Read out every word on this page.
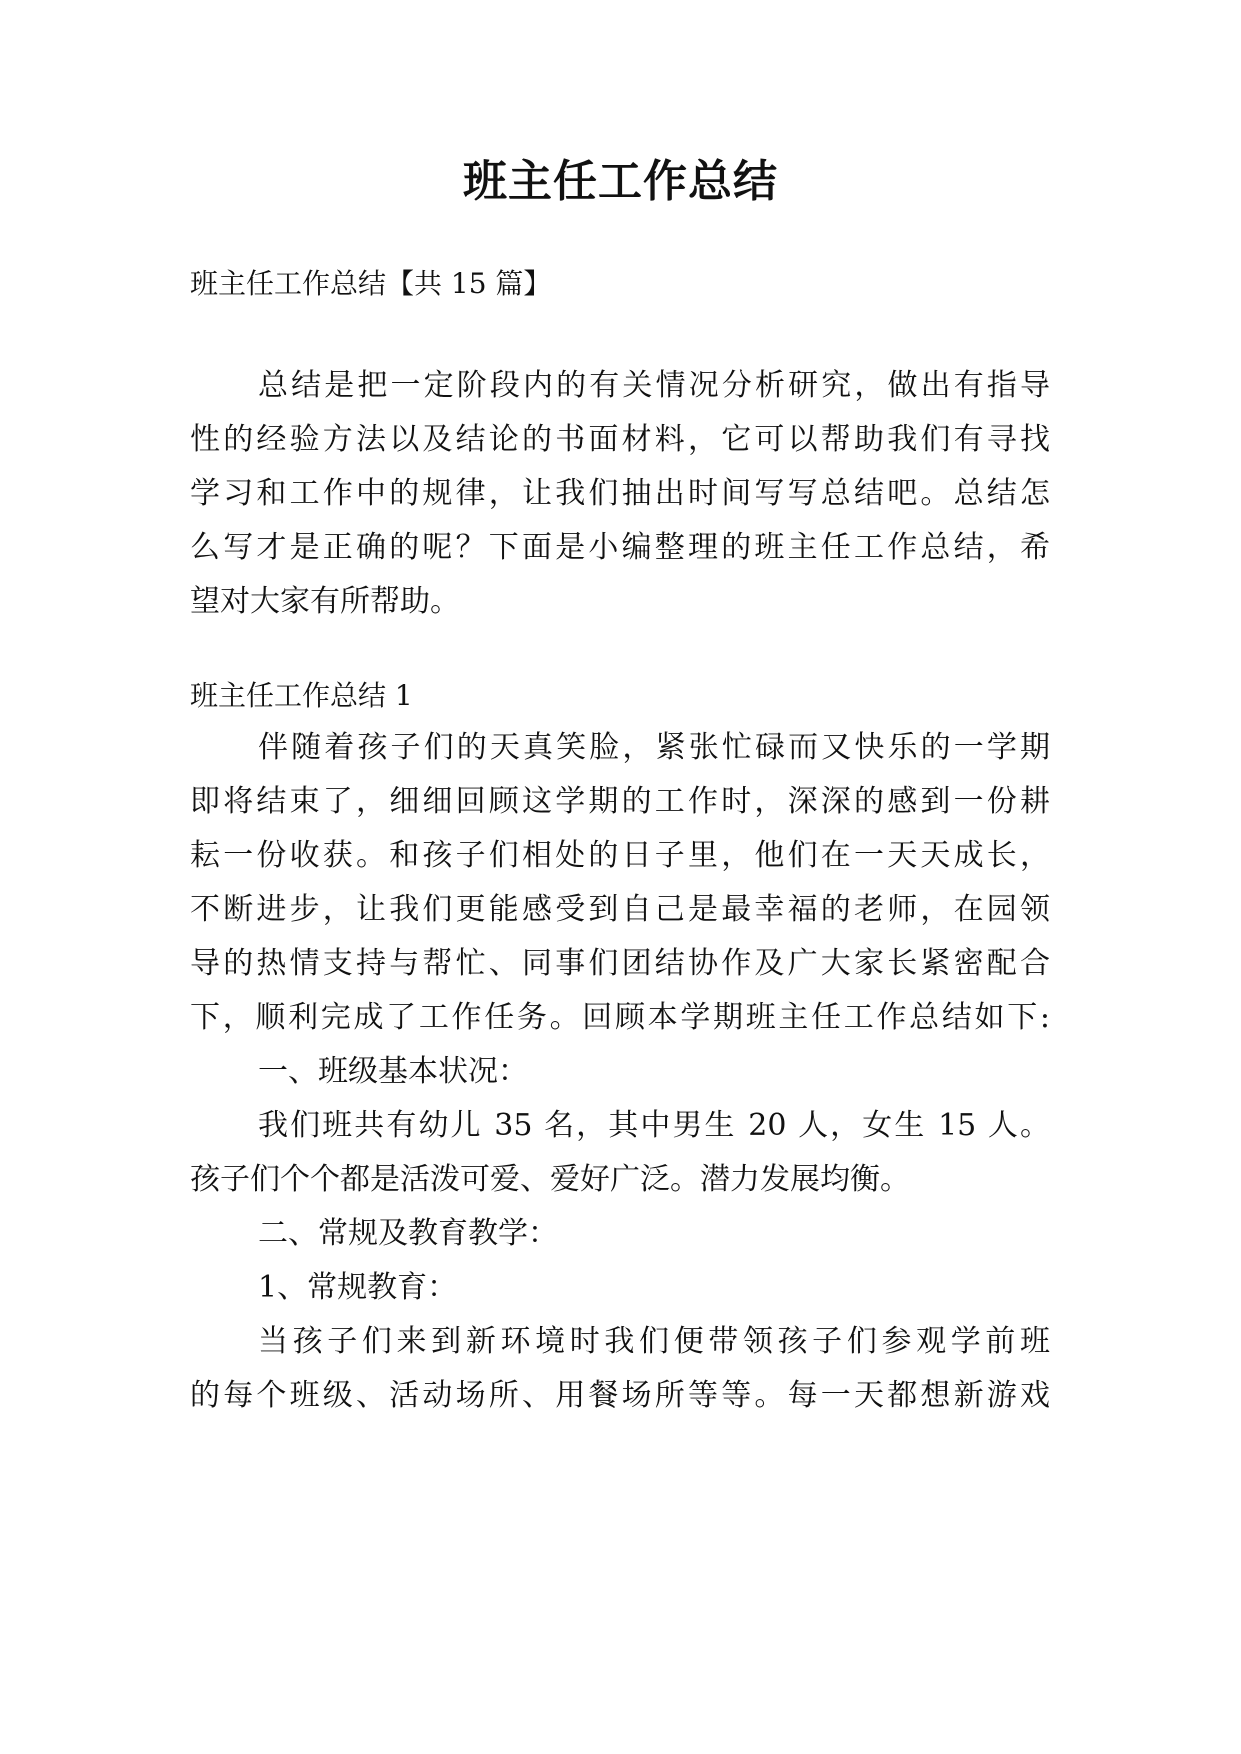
班主任工作总结
班主任工作总结【共 15 篇】
总结是把一定阶段内的有关情况分析研究，做出有指导
性的经验方法以及结论的书面材料，它可以帮助我们有寻找
学习和工作中的规律，让我们抽出时间写写总结吧。总结怎
么写才是正确的呢？下面是小编整理的班主任工作总结，希
望对大家有所帮助。
班主任工作总结 1
伴随着孩子们的天真笑脸，紧张忙碌而又快乐的一学期
即将结束了，细细回顾这学期的工作时，深深的感到一份耕
耘一份收获。和孩子们相处的日子里，他们在一天天成长，
不断进步，让我们更能感受到自己是最幸福的老师，在园领
导的热情支持与帮忙、同事们团结协作及广大家长紧密配合
下，顺利完成了工作任务。回顾本学期班主任工作总结如下:
一、班级基本状况：
我们班共有幼儿 35 名，其中男生 20 人，女生 15 人。
孩子们个个都是活泼可爱、爱好广泛。潜力发展均衡。
二、常规及教育教学：
1、常规教育：
当孩子们来到新环境时我们便带领孩子们参观学前班
的每个班级、活动场所、用餐场所等等。每一天都想新游戏
